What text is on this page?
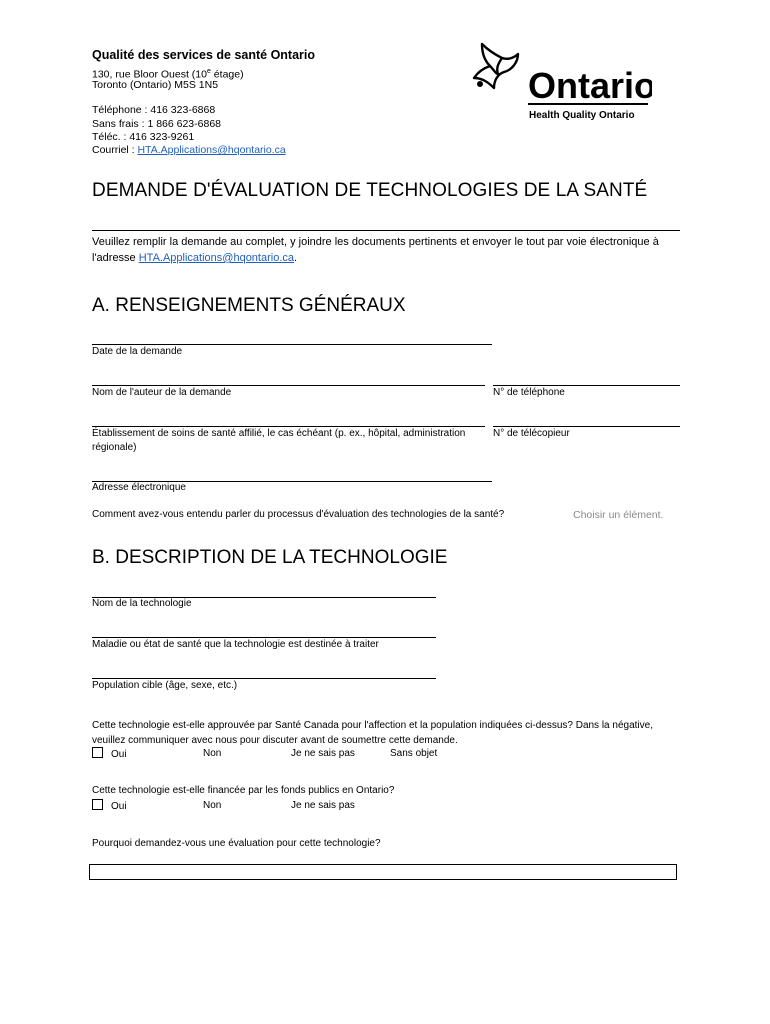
Qualité des services de santé Ontario
130, rue Bloor Ouest (10e étage)
Toronto (Ontario) M5S 1N5
Téléphone : 416 323-6868
Sans frais : 1 866 623-6868
Téléc. : 416 323-9261
Courriel : HTA.Applications@hqontario.ca
Ontario
Health Quality Ontario
DEMANDE D'ÉVALUATION DE TECHNOLOGIES DE LA SANTÉ
Veuillez remplir la demande au complet, y joindre les documents pertinents et envoyer le tout par voie électronique à l'adresse HTA.Applications@hqontario.ca.
A. RENSEIGNEMENTS GÉNÉRAUX
Date de la demande
Nom de l'auteur de la demande	N° de téléphone
Établissement de soins de santé affilié, le cas échéant (p. ex., hôpital, administration régionale)
N° de télécopieur
Adresse électronique
Comment avez-vous entendu parler du processus d'évaluation des technologies de la santé?	Choisir un élément.
B. DESCRIPTION DE LA TECHNOLOGIE
Nom de la technologie
Maladie ou état de santé que la technologie est destinée à traiter
Population cible (âge, sexe, etc.)
Cette technologie est-elle approuvée par Santé Canada pour l'affection et la population indiquées ci-dessus? Dans la négative, veuillez communiquer avec nous pour discuter avant de soumettre cette demande.
Oui	Non	Je ne sais pas	Sans objet
Cette technologie est-elle financée par les fonds publics en Ontario?
Oui	Non	Je ne sais pas
Pourquoi demandez-vous une évaluation pour cette technologie?
